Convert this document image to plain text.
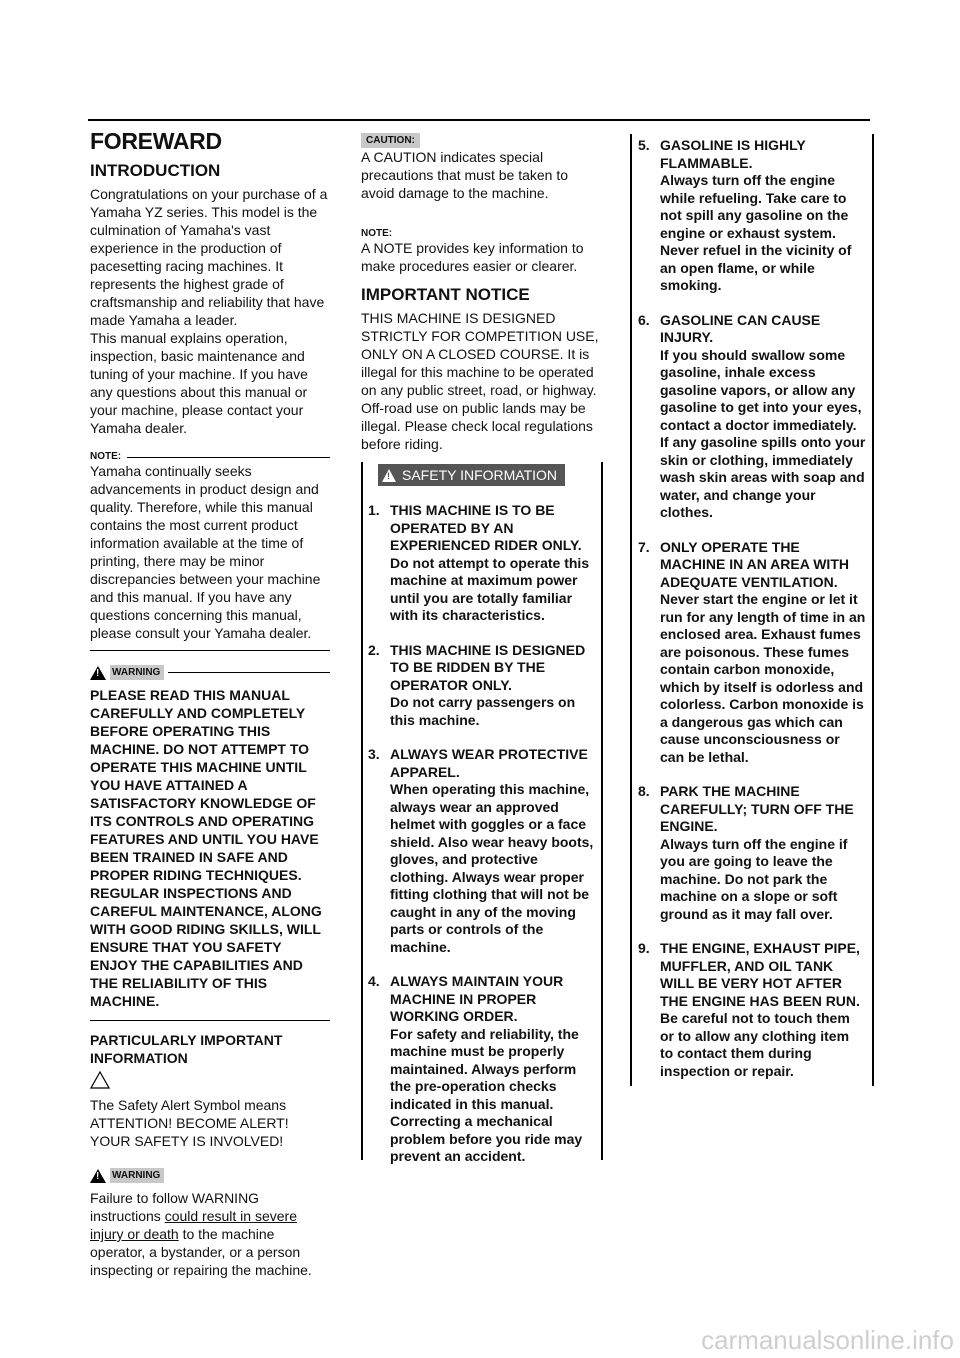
FOREWARD
INTRODUCTION

Congratulations on your purchase of a Yamaha YZ series. This model is the culmination of Yamaha's vast experience in the production of pacesetting racing machines. It represents the highest grade of craftsmanship and reliability that have made Yamaha a leader.

This manual explains operation, inspection, basic maintenance and tuning of your machine. If you have any questions about this manual or your machine, please contact your Yamaha dealer.

NOTE:

Yamaha continually seeks advancements in product design and quality. Therefore, while this manual contains the most current product information available at the time of printing, there may be minor discrepancies between your machine and this manual. If you have any questions concerning this manual, please consult your Yamaha dealer.

!
WARNING

PLEASE READ THIS MANUAL CAREFULLY AND COMPLETELY BEFORE OPERATING THIS MACHINE. DO NOT ATTEMPT TO OPERATE THIS MACHINE UNTIL YOU HAVE ATTAINED A SATISFACTORY KNOWLEDGE OF ITS CONTROLS AND OPERATING FEATURES AND UNTIL YOU HAVE BEEN TRAINED IN SAFE AND PROPER RIDING TECHNIQUES. REGULAR INSPECTIONS AND CAREFUL MAINTENANCE, ALONG WITH GOOD RIDING SKILLS, WILL ENSURE THAT YOU SAFETY ENJOY THE CAPABILITIES AND THE RELIABILITY OF THIS MACHINE.

PARTICULARLY IMPORTANT INFORMATION

The Safety Alert Symbol means ATTENTION! BECOME ALERT! YOUR SAFETY IS INVOLVED!

!
WARNING

Failure to follow WARNING instructions could result in severe injury or death to the machine operator, a bystander, or a person inspecting or repairing the machine.

CAUTION:

A CAUTION indicates special precautions that must be taken to avoid damage to the machine.

NOTE:

A NOTE provides key information to make procedures easier or clearer.

IMPORTANT NOTICE

THIS MACHINE IS DESIGNED STRICTLY FOR COMPETITION USE, ONLY ON A CLOSED COURSE. It is illegal for this machine to be operated on any public street, road, or highway. Off-road use on public lands may be illegal. Please check local regulations before riding.

!
SAFETY INFORMATION
1. THIS MACHINE IS TO BE OPERATED BY AN EXPERIENCED RIDER ONLY.
Do not attempt to operate this machine at maximum power until you are totally familiar with its characteristics.
2. THIS MACHINE IS DESIGNED TO BE RIDDEN BY THE OPERATOR ONLY.
Do not carry passengers on this machine.
3. ALWAYS WEAR PROTECTIVE APPAREL.
When operating this machine, always wear an approved helmet with goggles or a face shield. Also wear heavy boots, gloves, and protective clothing. Always wear proper fitting clothing that will not be caught in any of the moving parts or controls of the machine.
4. ALWAYS MAINTAIN YOUR MACHINE IN PROPER WORKING ORDER.
For safety and reliability, the machine must be properly maintained. Always perform the pre-operation checks indicated in this manual. Correcting a mechanical problem before you ride may prevent an accident.
5. GASOLINE IS HIGHLY FLAMMABLE.
Always turn off the engine while refueling. Take care to not spill any gasoline on the engine or exhaust system. Never refuel in the vicinity of an open flame, or while smoking.
6. GASOLINE CAN CAUSE INJURY.
If you should swallow some gasoline, inhale excess gasoline vapors, or allow any gasoline to get into your eyes, contact a doctor immediately. If any gasoline spills onto your skin or clothing, immediately wash skin areas with soap and water, and change your clothes.
7. ONLY OPERATE THE MACHINE IN AN AREA WITH ADEQUATE VENTILATION.
Never start the engine or let it run for any length of time in an enclosed area. Exhaust fumes are poisonous. These fumes contain carbon monoxide, which by itself is odorless and colorless. Carbon monoxide is a dangerous gas which can cause unconsciousness or can be lethal.
8. PARK THE MACHINE CAREFULLY; TURN OFF THE ENGINE.
Always turn off the engine if you are going to leave the machine. Do not park the machine on a slope or soft ground as it may fall over.
9. THE ENGINE, EXHAUST PIPE, MUFFLER, AND OIL TANK WILL BE VERY HOT AFTER THE ENGINE HAS BEEN RUN.
Be careful not to touch them or to allow any clothing item to contact them during inspection or repair.
carmanualsonline.info
